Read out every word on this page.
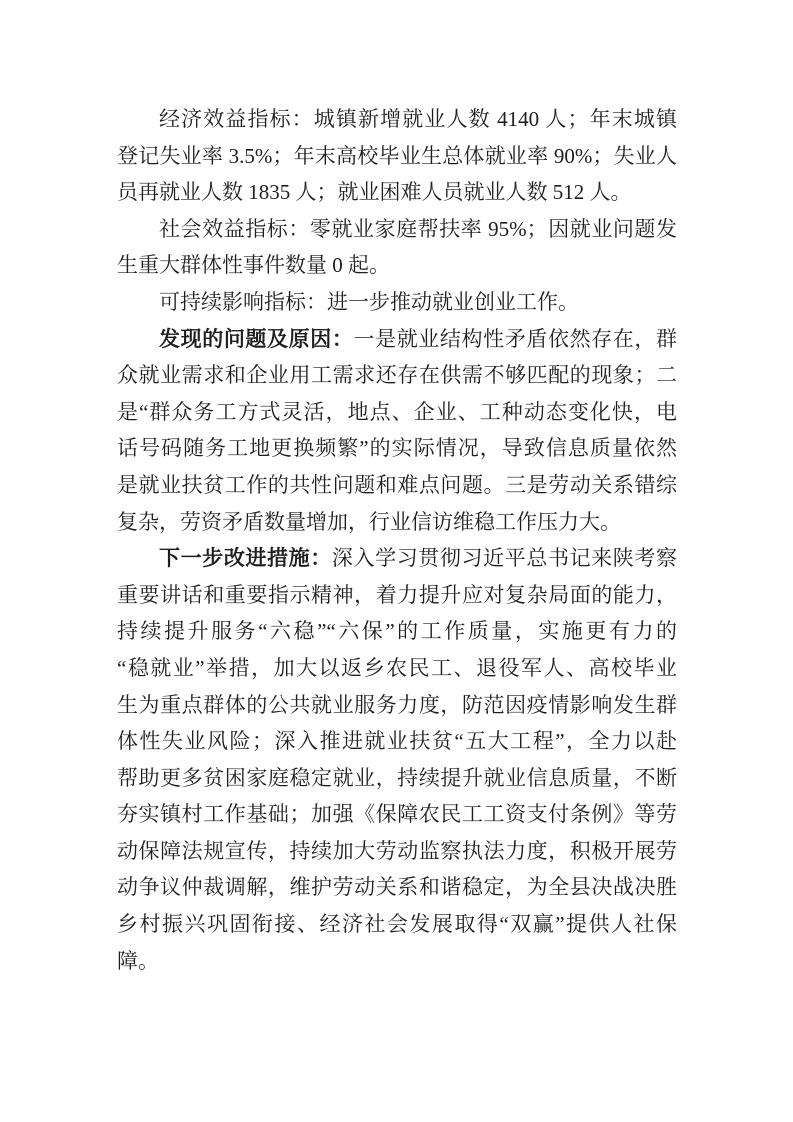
经济效益指标：城镇新增就业人数 4140 人；年末城镇
登记失业率 3.5%；年末高校毕业生总体就业率 90%；失业人
员再就业人数 1835 人；就业困难人员就业人数 512 人。
社会效益指标：零就业家庭帮扶率 95%；因就业问题发
生重大群体性事件数量 0 起。
可持续影响指标：进一步推动就业创业工作。
发现的问题及原因：一是就业结构性矛盾依然存在，群
众就业需求和企业用工需求还存在供需不够匹配的现象；二
是“群众务工方式灵活，地点、企业、工种动态变化快，电
话号码随务工地更换频繁”的实际情况，导致信息质量依然
是就业扶贫工作的共性问题和难点问题。三是劳动关系错综
复杂，劳资矛盾数量增加，行业信访维稳工作压力大。
下一步改进措施：深入学习贯彻习近平总书记来陕考察
重要讲话和重要指示精神，着力提升应对复杂局面的能力，
持续提升服务“六稳”“六保”的工作质量，实施更有力的
“稳就业”举措，加大以返乡农民工、退役军人、高校毕业
生为重点群体的公共就业服务力度，防范因疫情影响发生群
体性失业风险；深入推进就业扶贫“五大工程”，全力以赴
帮助更多贫困家庭稳定就业，持续提升就业信息质量，不断
夯实镇村工作基础；加强《保障农民工工资支付条例》等劳
动保障法规宣传，持续加大劳动监察执法力度，积极开展劳
动争议仲裁调解，维护劳动关系和谐稳定，为全县决战决胜
乡村振兴巩固衔接、经济社会发展取得“双赢”提供人社保
障。
